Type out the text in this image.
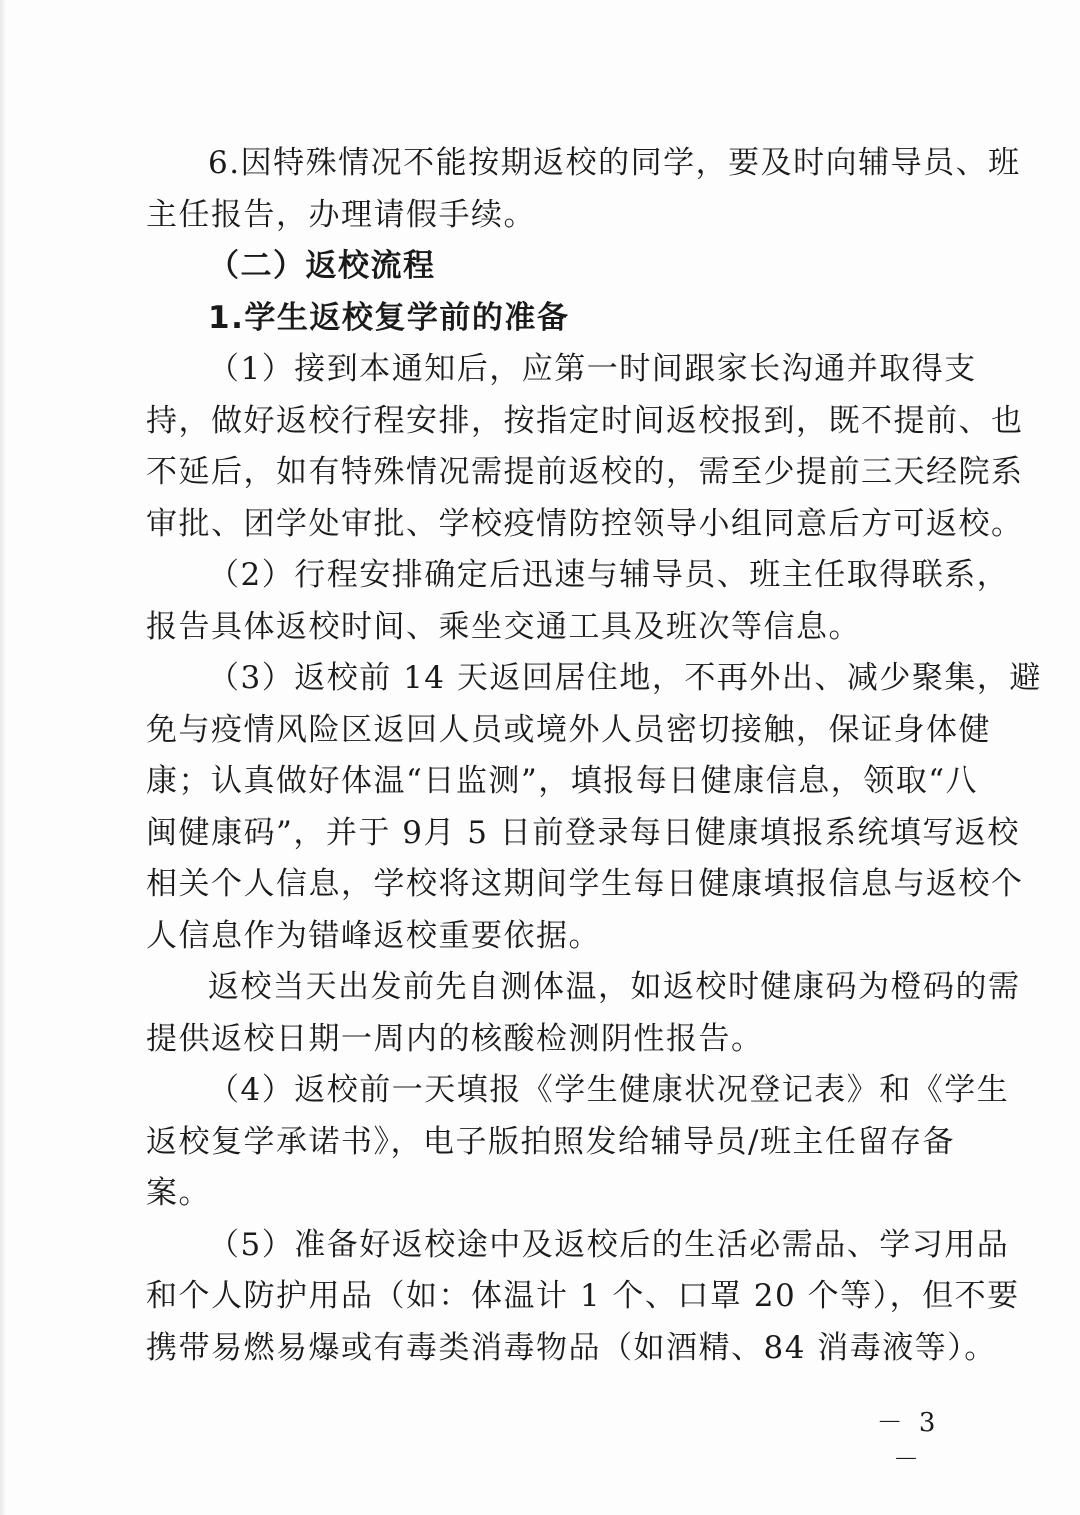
6.因特殊情况不能按期返校的同学，要及时向辅导员、班
主任报告，办理请假手续。
（二）返校流程
1.学生返校复学前的准备
（1）接到本通知后，应第一时间跟家长沟通并取得支
持，做好返校行程安排，按指定时间返校报到，既不提前、也
不延后，如有特殊情况需提前返校的，需至少提前三天经院系
审批、团学处审批、学校疫情防控领导小组同意后方可返校。
（2）行程安排确定后迅速与辅导员、班主任取得联系，
报告具体返校时间、乘坐交通工具及班次等信息。
（3）返校前 14 天返回居住地，不再外出、减少聚集，避
免与疫情风险区返回人员或境外人员密切接触，保证身体健
康；认真做好体温“日监测”，填报每日健康信息，领取“八
闽健康码”，并于 9月 5 日前登录每日健康填报系统填写返校
相关个人信息，学校将这期间学生每日健康填报信息与返校个
人信息作为错峰返校重要依据。
返校当天出发前先自测体温，如返校时健康码为橙码的需
提供返校日期一周内的核酸检测阴性报告。
（4）返校前一天填报《学生健康状况登记表》和《学生
返校复学承诺书》，电子版拍照发给辅导员/班主任留存备
案。
（5）准备好返校途中及返校后的生活必需品、学习用品
和个人防护用品（如：体温计 1 个、口罩 20 个等），但不要
携带易燃易爆或有毒类消毒物品（如酒精、84 消毒液等）。
－ 3 －
